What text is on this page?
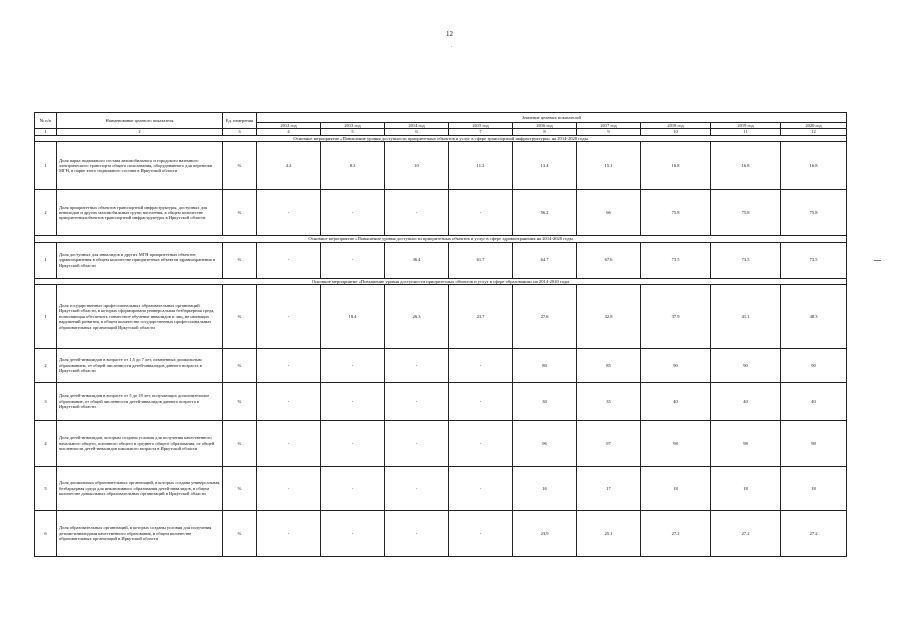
12
.
№ п/п	Наименование целевого показателя	Ед. измерения	Значение целевых показателей								
			2012 год	2013 год	2014 год	2015 год	2016 год	2017 год	2018 год	2019 год	2020 год
1	2	3	4	5	6	7	8	9	10	11	12
Основное мероприятие «Повышение уровня доступности приоритетных объектов и услуг в сфере транспортной инфраструктуры» на 2014-2020 годы											
1	Доля парка подвижного состава автомобильного и городского наземного электрического транспорта общего пользования, оборудованного для перевозки МГН, в парке этого подвижного состава в Иркутской области	%	4.2	8.3	10	11.2	13.4	15.1	16.8	16.8	16.8
2	Доля приоритетных объектов транспортной инфраструктуры, доступных для инвалидов и других маломобильных групп населения, в общем количестве приоритетныхобъектов транспортной инфраструктуры в Иркутской области	%	-	-	-	-	56.2	66	75.8	75.8	75.8
Основное мероприятие «Повышение уровня доступности приоритетных объектов и услуг в сфере здравоохранения на 2014-2020 годы											
1	Доля доступных для инвалидов и других МГН приоритетных объектов здравоохранения в общем количестве приоритетных объектов здравоохранения в Иркутской области	%	-	-	36.4	61.7	64.7	67.6	73.5	73.5	73.5
Основное мероприятие «Повышение уровня доступности приоритетных объектов и услуг в сфере образования» на 2014-2020 годы											
1	Доля государственных профессиональных образовательных организаций Иркутской области, в которых сформирована универсальная безбарьерная среда, позволяющая обеспечить совместное обучение инвалидов и лиц, не имеющих нарушений развития, в общем количестве государственных профессиональных образовательных организаций Иркутской области	%	-	18.4	26.3	23.7	27.6	32.8	37.9	41.1	48.3
2	Доля детей-инвалидов в возрасте от 1,5 до 7 лет, охваченных дошкольным образованием, от общей численности детей-инвалидов данного возраста в Иркутской области	%	-	-	-	-	80	85	90	90	90
3	Доля детей-инвалидов в возрасте от 5 до 18 лет, получающих дополнительное образование, от общей численности детей-инвалидов данного возраста в Иркутской области	%	-	-	-	-	30	35	40	40	40
4	Доля детей-инвалидов, которым созданы условия для получения качественного начального общего, основного общего и среднего общего образования, от общей численности детей-инвалидов школьного возраста в Иркутской области	%	-	-	-	-	96	97	98	98	98
5	Доля дошкольных образовательных организаций, в которых создана универсальная безбарьерная среда для инклюзивного образования детей-инвалидов, в общем количестве дошкольных образовательных организаций в Иркутской области	%	-	-	-	-	16	17	18	18	18
6	Доля образовательных организаций, в которых созданы условия для получения детьми-инвалидами качественного образования, в общем количестве образовательных организаций в Иркутской области	%	-	-	-	-	23.9	25.1	27.2	27.2	27.2
